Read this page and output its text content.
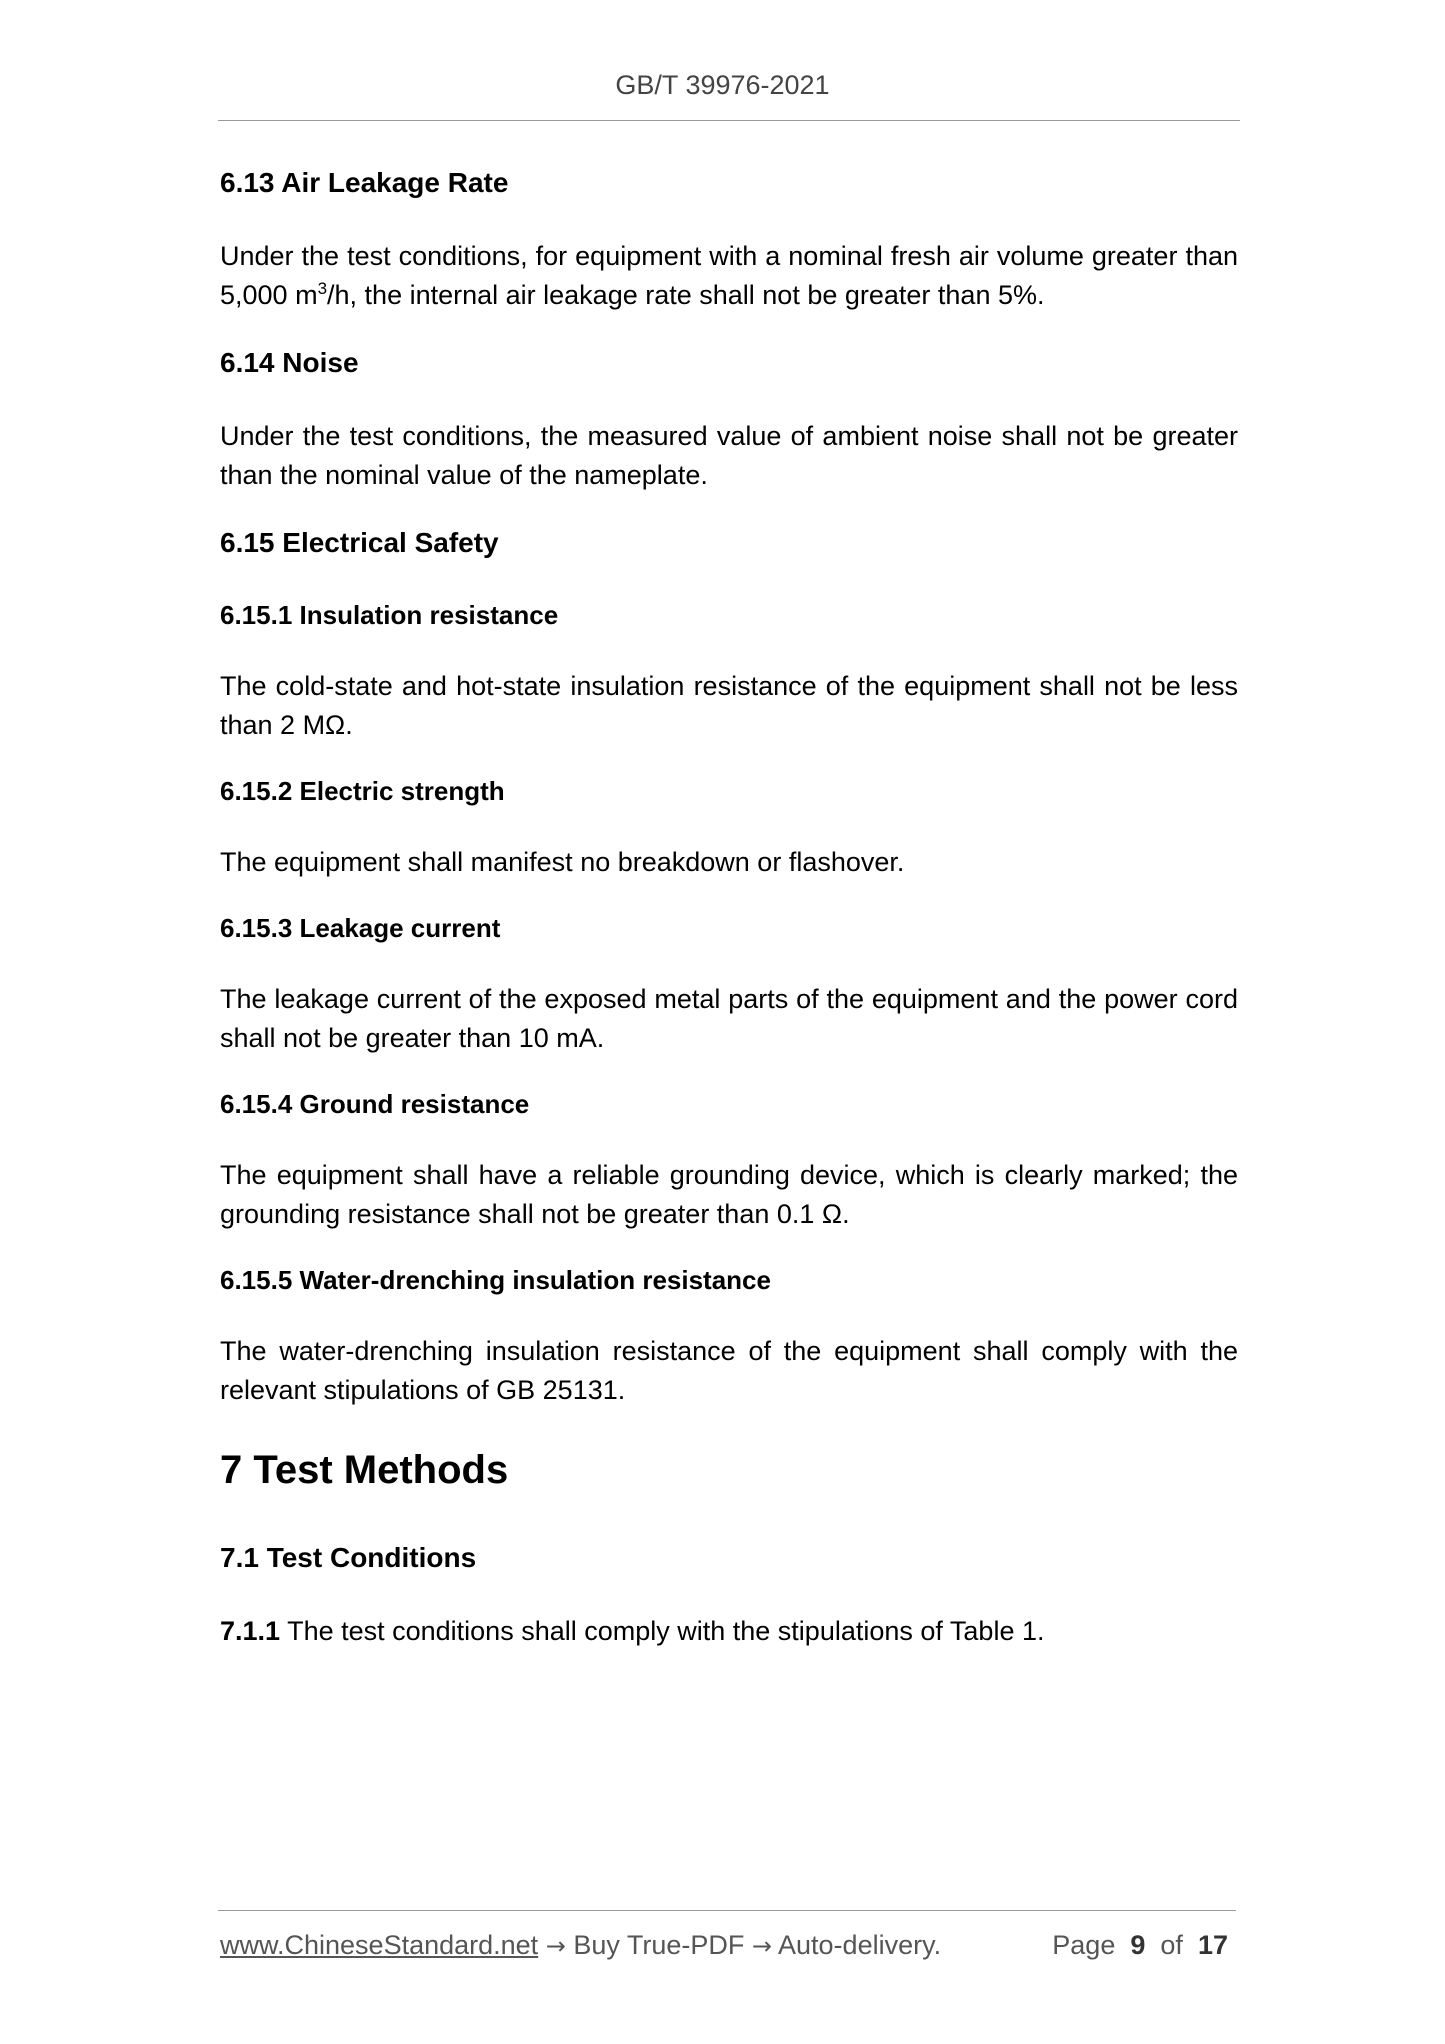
GB/T 39976-2021
6.13 Air Leakage Rate

Under the test conditions, for equipment with a nominal fresh air volume greater than 5,000 $m^3/h$, the internal air leakage rate shall not be greater than 5%.

6.14 Noise

Under the test conditions, the measured value of ambient noise shall not be greater than the nominal value of the nameplate.

6.15 Electrical Safety
6.15.1 Insulation resistance

The cold-state and hot-state insulation resistance of the equipment shall not be less than 2 MΩ.

6.15.2 Electric strength

The equipment shall manifest no breakdown or flashover.

6.15.3 Leakage current

The leakage current of the exposed metal parts of the equipment and the power cord shall not be greater than 10 mA.

6.15.4 Ground resistance

The equipment shall have a reliable grounding device, which is clearly marked; the grounding resistance shall not be greater than 0.1 Ω.

6.15.5 Water-drenching insulation resistance

The water-drenching insulation resistance of the equipment shall comply with the relevant stipulations of GB 25131.

7 Test Methods
7.1 Test Conditions

7.1.1 The test conditions shall comply with the stipulations of Table 1.

www.ChineseStandard.net → Buy True-PDF → Auto-delivery.	Page 9 of 17
